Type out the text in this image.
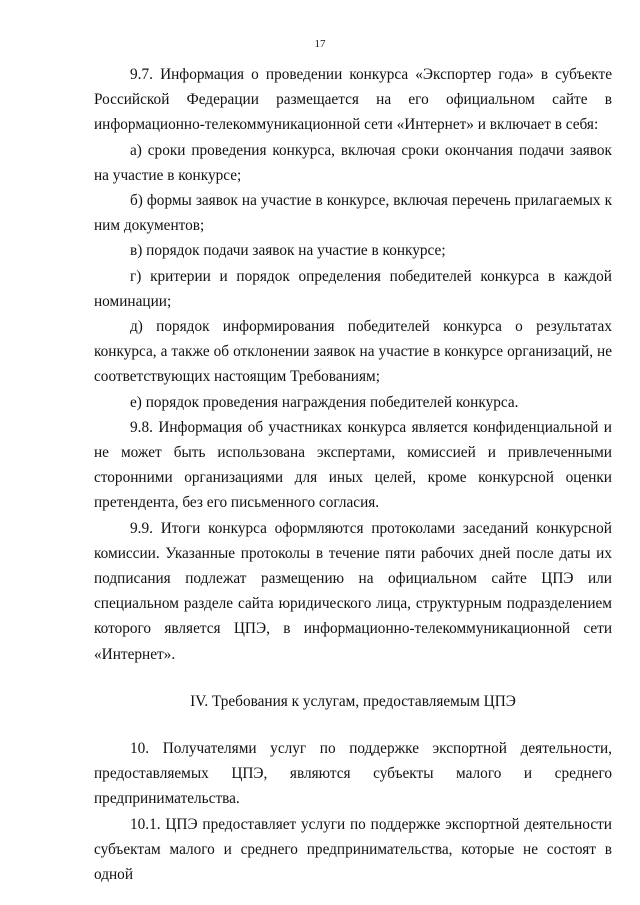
17

9.7. Информация о проведении конкурса «Экспортер года» в субъекте Российской Федерации размещается на его официальном сайте в информационно-телекоммуникационной сети «Интернет» и включает в себя:

а) сроки проведения конкурса, включая сроки окончания подачи заявок на участие в конкурсе;

б) формы заявок на участие в конкурсе, включая перечень прилагаемых к ним документов;

в) порядок подачи заявок на участие в конкурсе;

г) критерии и порядок определения победителей конкурса в каждой номинации;

д) порядок информирования победителей конкурса о результатах конкурса, а также об отклонении заявок на участие в конкурсе организаций, не соответствующих настоящим Требованиям;

е) порядок проведения награждения победителей конкурса.

9.8. Информация об участниках конкурса является конфиденциальной и не может быть использована экспертами, комиссией и привлеченными сторонними организациями для иных целей, кроме конкурсной оценки претендента, без его письменного согласия.

9.9. Итоги конкурса оформляются протоколами заседаний конкурсной комиссии. Указанные протоколы в течение пяти рабочих дней после даты их подписания подлежат размещению на официальном сайте ЦПЭ или специальном разделе сайта юридического лица, структурным подразделением которого является ЦПЭ, в информационно-телекоммуникационной сети «Интернет».

IV. Требования к услугам, предоставляемым ЦПЭ

10. Получателями услуг по поддержке экспортной деятельности, предоставляемых ЦПЭ, являются субъекты малого и среднего предпринимательства.

10.1. ЦПЭ предоставляет услуги по поддержке экспортной деятельности субъектам малого и среднего предпринимательства, которые не состоят в одной
